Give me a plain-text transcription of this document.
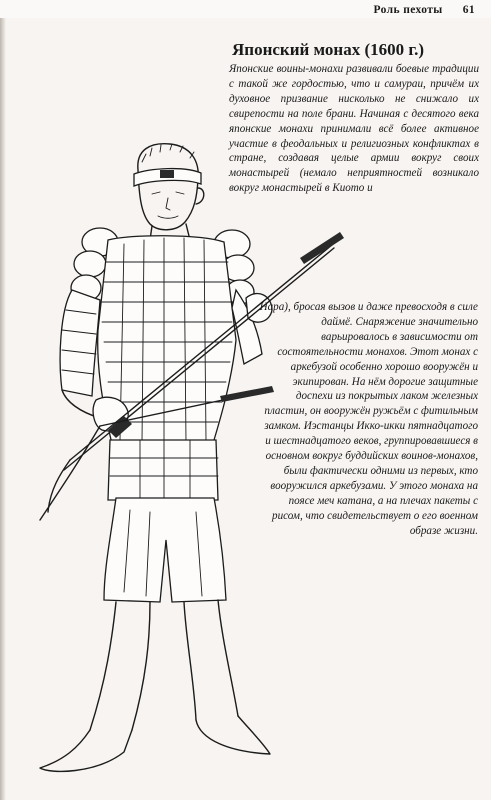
Роль пехоты 61
Японский монах (1600 г.)

Японские воины-монахи развивали боевые традиции с такой же гордостью, что и самураи, причём их духовное призвание нисколько не снижало их свирепости на поле брани. Начиная с десятого века японские монахи принимали всё более активное участие в феодальных и религиозных конфликтах в стране, создавая целые армии вокруг своих монастырей (немало неприятностей возникало вокруг монастырей в Киото и

Нара), бросая вызов и даже превосходя в силе даймё. Снаряжение значительно варьировалось в зависимости от состоятельности монахов. Этот монах с аркебузой особенно хорошо вооружён и экипирован. На нём дорогие защитные доспехи из покрытых лаком железных пластин, он вооружён ружьём с фитильным замком. Иэстанцы Икко-икки пятнадцатого и шестнадцатого веков, группировавшиеся в основном вокруг буддийских воинов-монахов, были фактически одними из первых, кто вооружился аркебузами. У этого монаха на поясе меч катана, а на плечах пакеты с рисом, что свидетельствует о его военном образе жизни.
